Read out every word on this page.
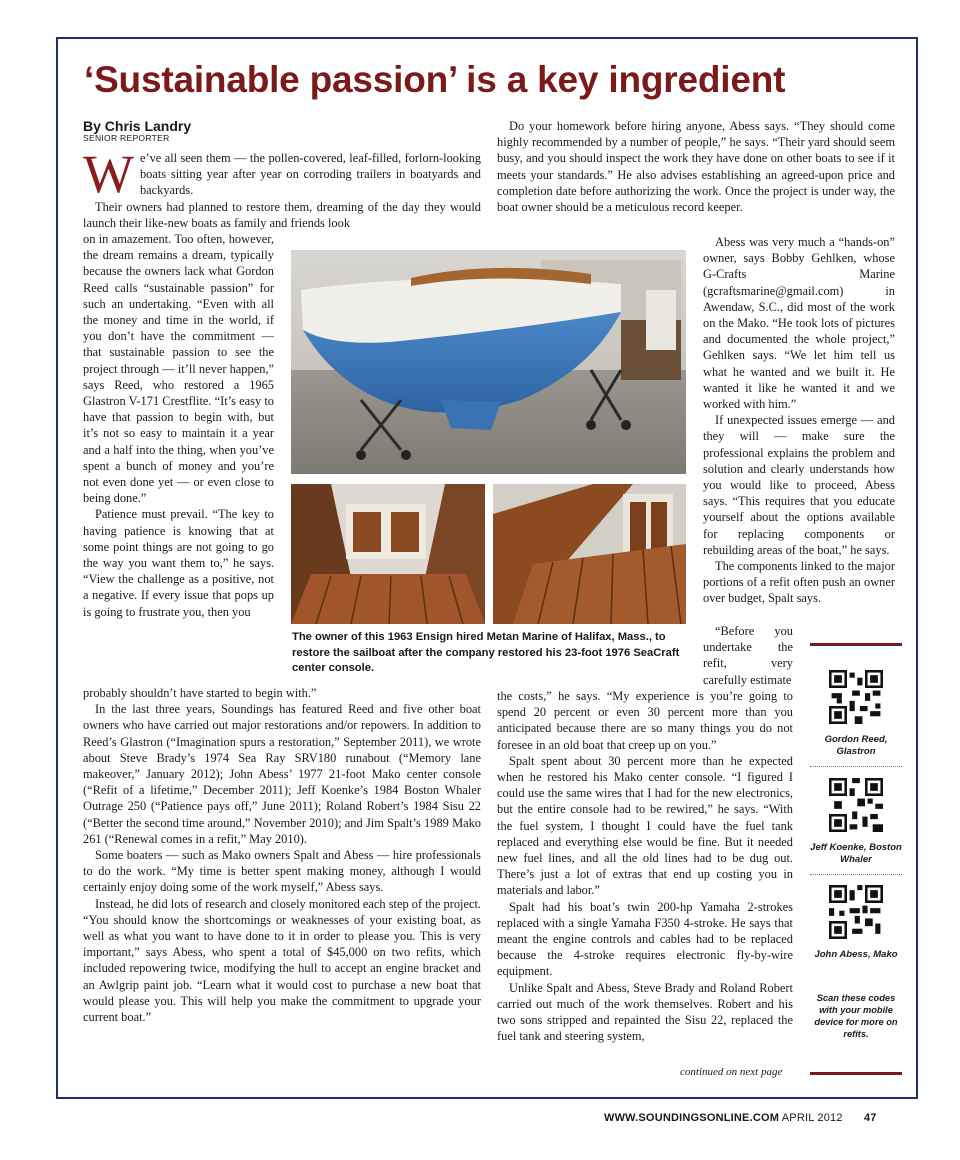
‘Sustainable passion’ is a key ingredient
By Chris Landry
SENIOR REPORTER
W e’ve all seen them — the pollen-covered, leaf-filled, forlorn-looking boats sitting year after year on corroding trailers in boatyards and backyards.

Their owners had planned to restore them, dreaming of the day they would launch their like-new boats as family and friends look

on in amazement. Too often, however, the dream remains a dream, typically because the owners lack what Gordon Reed calls “sustainable passion” for such an undertaking. “Even with all the money and time in the world, if you don’t have the commitment — that sustainable passion to see the project through — it’ll never happen,” says Reed, who restored a 1965 Glastron V-171 Crestflite. “It’s easy to have that passion to begin with, but it’s not so easy to maintain it a year and a half into the thing, when you’ve spent a bunch of money and you’re not even done yet — or even close to being done.”

Patience must prevail. “The key to having patience is knowing that at some point things are not going to go the way you want them to,” he says. “View the challenge as a positive, not a negative. If every issue that pops up is going to frustrate you, then you

probably shouldn’t have started to begin with.”

In the last three years, Soundings has featured Reed and five other boat owners who have carried out major restorations and/or repowers. In addition to Reed’s Glastron (“Imagination spurs a restoration,” September 2011), we wrote about Steve Brady’s 1974 Sea Ray SRV180 runabout (“Memory lane makeover,” January 2012); John Abess’ 1977 21-foot Mako center console (“Refit of a lifetime,” December 2011); Jeff Koenke’s 1984 Boston Whaler Outrage 250 (“Patience pays off,” June 2011); Roland Robert’s 1984 Sisu 22 (“Better the second time around,” November 2010); and Jim Spalt’s 1989 Mako 261 (“Renewal comes in a refit,” May 2010).

Some boaters — such as Mako owners Spalt and Abess — hire professionals to do the work. “My time is better spent making money, although I would certainly enjoy doing some of the work myself,” Abess says.

Instead, he did lots of research and closely monitored each step of the project. “You should know the shortcomings or weaknesses of your existing boat, as well as what you want to have done to it in order to please you. This is very important,” says Abess, who spent a total of $45,000 on two refits, which included repowering twice, modifying the hull to accept an engine bracket and an Awlgrip paint job. “Learn what it would cost to purchase a new boat that would please you. This will help you make the commitment to upgrade your current boat.”

Do your homework before hiring anyone, Abess says. “They should come highly recommended by a number of people,” he says. “Their yard should seem busy, and you should inspect the work they have done on other boats to see if it meets your standards.” He also advises establishing an agreed-upon price and completion date before authorizing the work. Once the project is under way, the boat owner should be a meticulous record keeper.

Abess was very much a “hands-on” owner, says Bobby Gehlken, whose G-Crafts Marine (gcraftsmarine@gmail.com) in Awendaw, S.C., did most of the work on the Mako. “He took lots of pictures and documented the whole project,” Gehlken says. “We let him tell us what he wanted and we built it. He wanted it like he wanted it and we worked with him.”

If unexpected issues emerge — and they will — make sure the professional explains the problem and solution and clearly understands how you would like to proceed, Abess says. “This requires that you educate yourself about the options available for replacing components or rebuilding areas of the boat,” he says.

The components linked to the major portions of a refit often push an owner over budget, Spalt says.

“Before you undertake the refit, very carefully estimate

the costs,” he says. “My experience is you’re going to spend 20 percent or even 30 percent more than you anticipated because there are so many things you do not foresee in an old boat that creep up on you.”

Spalt spent about 30 percent more than he expected when he restored his Mako center console. “I figured I could use the same wires that I had for the new electronics, but the entire console had to be rewired,” he says. “With the fuel system, I thought I could have the fuel tank replaced and everything else would be fine. But it needed new fuel lines, and all the old lines had to be dug out. There’s just a lot of extras that end up costing you in materials and labor.”

Spalt had his boat’s twin 200-hp Yamaha 2-strokes replaced with a single Yamaha F350 4-stroke. He says that meant the engine controls and cables had to be replaced because the 4-stroke requires electronic fly-by-wire equipment.

Unlike Spalt and Abess, Steve Brady and Roland Robert carried out much of the work themselves. Robert and his two sons stripped and repainted the Sisu 22, replaced the fuel tank and steering system,

continued on next page

The owner of this 1963 Ensign hired Metan Marine of Halifax, Mass., to restore the sailboat after the company restored his 23-foot 1976 SeaCraft center console.

Gordon Reed, Glastron
Jeff Koenke, Boston Whaler
John Abess, Mako
Scan these codes with your mobile device for more on refits.
WWW.SOUNDINGSONLINE.COM APRIL 2012 47
